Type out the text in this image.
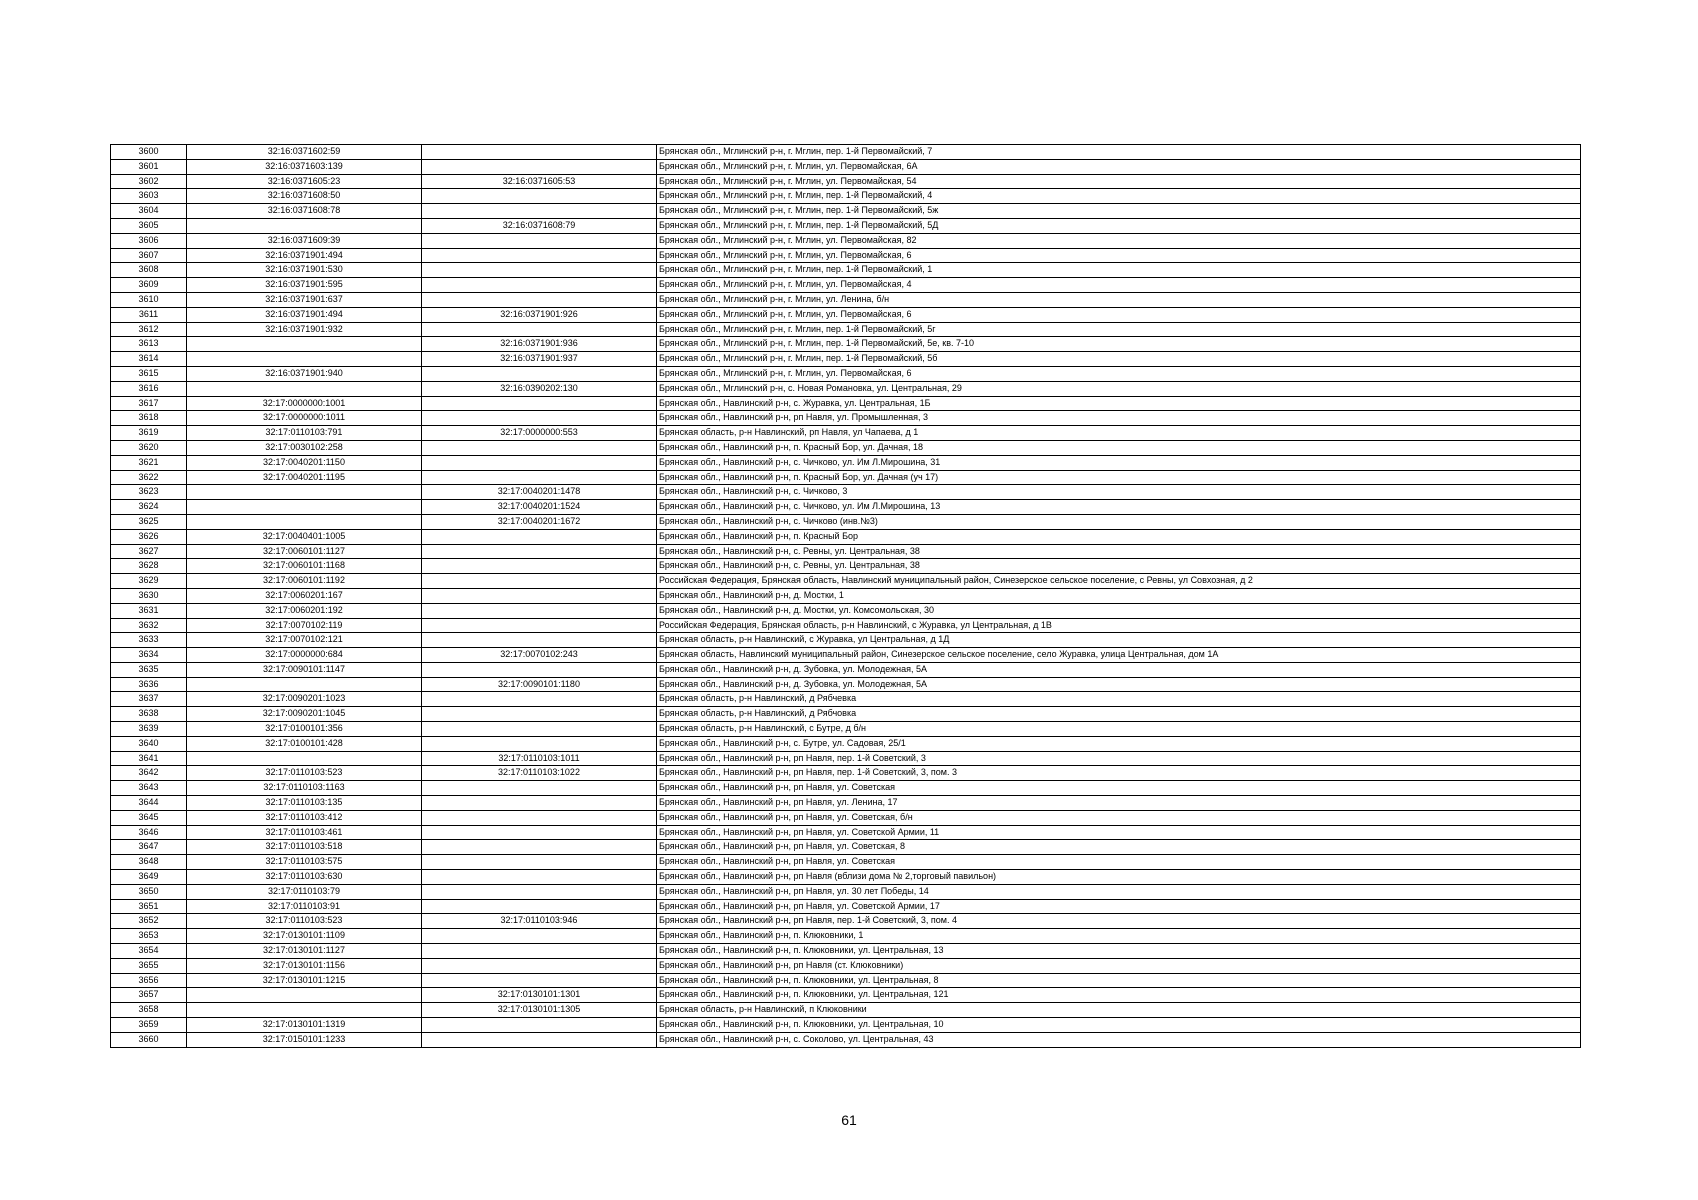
3600	32:16:0371602:59		Брянская обл., Мглинский р-н, г. Мглин, пер. 1-й Первомайский, 7
3601	32:16:0371603:139		Брянская обл., Мглинский р-н, г. Мглин, ул. Первомайская, 6А
3602	32:16:0371605:23	32:16:0371605:53	Брянская обл., Мглинский р-н, г. Мглин, ул. Первомайская, 54
3603	32:16:0371608:50		Брянская обл., Мглинский р-н, г. Мглин, пер. 1-й Первомайский, 4
3604	32:16:0371608:78		Брянская обл., Мглинский р-н, г. Мглин, пер. 1-й Первомайский, 5ж
3605		32:16:0371608:79	Брянская обл., Мглинский р-н, г. Мглин, пер. 1-й Первомайский, 5Д
3606	32:16:0371609:39		Брянская обл., Мглинский р-н, г. Мглин, ул. Первомайская, 82
3607	32:16:0371901:494		Брянская обл., Мглинский р-н, г. Мглин, ул. Первомайская, 6
3608	32:16:0371901:530		Брянская обл., Мглинский р-н, г. Мглин, пер. 1-й Первомайский, 1
3609	32:16:0371901:595		Брянская обл., Мглинский р-н, г. Мглин, ул. Первомайская, 4
3610	32:16:0371901:637		Брянская обл., Мглинский р-н, г. Мглин, ул. Ленина, б/н
3611	32:16:0371901:494	32:16:0371901:926	Брянская обл., Мглинский р-н, г. Мглин, ул. Первомайская, 6
3612	32:16:0371901:932		Брянская обл., Мглинский р-н, г. Мглин, пер. 1-й Первомайский, 5г
3613		32:16:0371901:936	Брянская обл., Мглинский р-н, г. Мглин, пер. 1-й Первомайский, 5е, кв. 7-10
3614		32:16:0371901:937	Брянская обл., Мглинский р-н, г. Мглин, пер. 1-й Первомайский, 5б
3615	32:16:0371901:940		Брянская обл., Мглинский р-н, г. Мглин, ул. Первомайская, 6
3616		32:16:0390202:130	Брянская обл., Мглинский р-н, с. Новая Романовка, ул. Центральная, 29
3617	32:17:0000000:1001		Брянская обл., Навлинский р-н, с. Журавка, ул. Центральная, 1Б
3618	32:17:0000000:1011		Брянская обл., Навлинский р-н, рп Навля, ул. Промышленная, 3
3619	32:17:0110103:791	32:17:0000000:553	Брянская область, р-н Навлинский, рп Навля, ул Чапаева, д 1
3620	32:17:0030102:258		Брянская обл., Навлинский р-н, п. Красный Бор, ул. Дачная, 18
3621	32:17:0040201:1150		Брянская обл., Навлинский р-н, с. Чичково, ул. Им Л.Мирошина, 31
3622	32:17:0040201:1195		Брянская обл., Навлинский р-н, п. Красный Бор, ул. Дачная (уч 17)
3623		32:17:0040201:1478	Брянская обл., Навлинский р-н, с. Чичково, 3
3624		32:17:0040201:1524	Брянская обл., Навлинский р-н, с. Чичково, ул. Им Л.Мирошина, 13
3625		32:17:0040201:1672	Брянская обл., Навлинский р-н, с. Чичково (инв.№3)
3626	32:17:0040401:1005		Брянская обл., Навлинский р-н, п. Красный Бор
3627	32:17:0060101:1127		Брянская обл., Навлинский р-н, с. Ревны, ул. Центральная, 38
3628	32:17:0060101:1168		Брянская обл., Навлинский р-н, с. Ревны, ул. Центральная, 38
3629	32:17:0060101:1192		Российская Федерация, Брянская область, Навлинский муниципальный район, Синезерское сельское поселение, с Ревны, ул Совхозная, д 2
3630	32:17:0060201:167		Брянская обл., Навлинский р-н, д. Мостки, 1
3631	32:17:0060201:192		Брянская обл., Навлинский р-н, д. Мостки, ул. Комсомольская, 30
3632	32:17:0070102:119		Российская Федерация, Брянская область, р-н Навлинский, с Журавка, ул Центральная, д 1В
3633	32:17:0070102:121		Брянская область, р-н Навлинский, с Журавка, ул Центральная, д 1Д
3634	32:17:0000000:684	32:17:0070102:243	Брянская область, Навлинский муниципальный район, Синезерское сельское поселение, село Журавка, улица Центральная, дом 1А
3635	32:17:0090101:1147		Брянская обл., Навлинский р-н, д. Зубовка, ул. Молодежная, 5А
3636		32:17:0090101:1180	Брянская обл., Навлинский р-н, д. Зубовка, ул. Молодежная, 5А
3637	32:17:0090201:1023		Брянская область, р-н Навлинский, д Рябчевка
3638	32:17:0090201:1045		Брянская область, р-н Навлинский, д Рябчовка
3639	32:17:0100101:356		Брянская область, р-н Навлинский, с Бутре, д б/н
3640	32:17:0100101:428		Брянская обл., Навлинский р-н, с. Бутре, ул. Садовая, 25/1
3641		32:17:0110103:1011	Брянская обл., Навлинский р-н, рп Навля, пер. 1-й Советский, 3
3642	32:17:0110103:523	32:17:0110103:1022	Брянская обл., Навлинский р-н, рп Навля, пер. 1-й Советский, 3, пом. 3
3643	32:17:0110103:1163		Брянская обл., Навлинский р-н, рп Навля, ул. Советская
3644	32:17:0110103:135		Брянская обл., Навлинский р-н, рп Навля, ул. Ленина, 17
3645	32:17:0110103:412		Брянская обл., Навлинский р-н, рп Навля, ул. Советская, б/н
3646	32:17:0110103:461		Брянская обл., Навлинский р-н, рп Навля, ул. Советской Армии, 11
3647	32:17:0110103:518		Брянская обл., Навлинский р-н, рп Навля, ул. Советская, 8
3648	32:17:0110103:575		Брянская обл., Навлинский р-н, рп Навля, ул. Советская
3649	32:17:0110103:630		Брянская обл., Навлинский р-н, рп Навля (вблизи дома № 2,торговый павильон)
3650	32:17:0110103:79		Брянская обл., Навлинский р-н, рп Навля, ул. 30 лет Победы, 14
3651	32:17:0110103:91		Брянская обл., Навлинский р-н, рп Навля, ул. Советской Армии, 17
3652	32:17:0110103:523	32:17:0110103:946	Брянская обл., Навлинский р-н, рп Навля, пер. 1-й Советский, 3, пом. 4
3653	32:17:0130101:1109		Брянская обл., Навлинский р-н, п. Клюковники, 1
3654	32:17:0130101:1127		Брянская обл., Навлинский р-н, п. Клюковники, ул. Центральная, 13
3655	32:17:0130101:1156		Брянская обл., Навлинский р-н, рп Навля (ст. Клюковники)
3656	32:17:0130101:1215		Брянская обл., Навлинский р-н, п. Клюковники, ул. Центральная, 8
3657		32:17:0130101:1301	Брянская обл., Навлинский р-н, п. Клюковники, ул. Центральная, 121
3658		32:17:0130101:1305	Брянская область, р-н Навлинский, п Клюковники
3659	32:17:0130101:1319		Брянская обл., Навлинский р-н, п. Клюковники, ул. Центральная, 10
3660	32:17:0150101:1233		Брянская обл., Навлинский р-н, с. Соколово, ул. Центральная, 43
61
